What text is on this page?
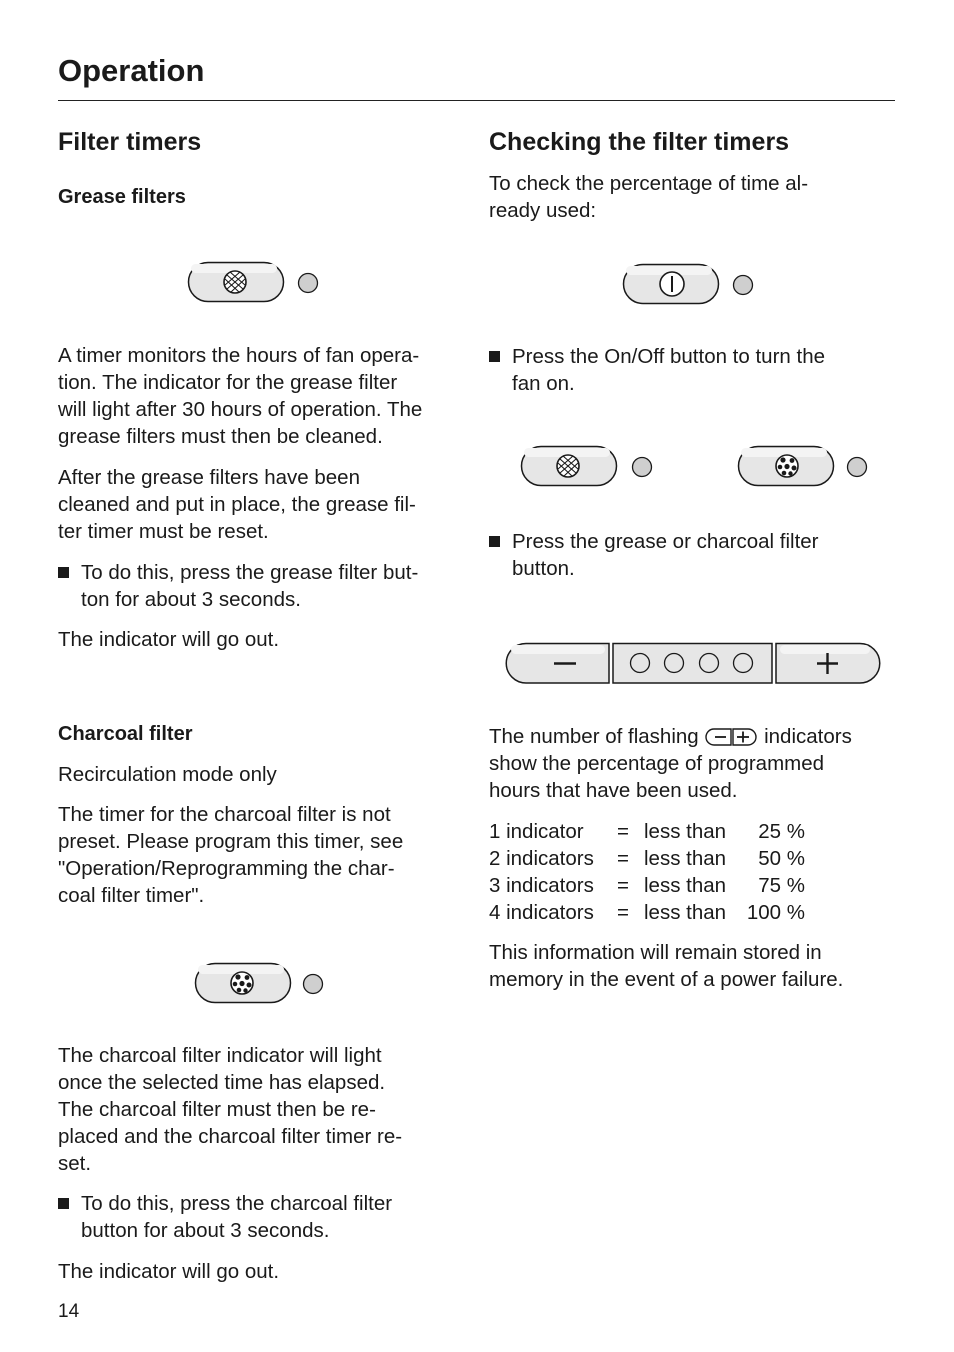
Operation
Filter timers
Grease filters

A timer monitors the hours of fan opera-
tion. The indicator for the grease filter
will light after 30 hours of operation. The
grease filters must then be cleaned.

After the grease filters have been
cleaned and put in place, the grease fil-
ter timer must be reset.

To do this, press the grease filter but-
ton for about 3 seconds.

The indicator will go out.

Charcoal filter

Recirculation mode only

The timer for the charcoal filter is not
preset. Please program this timer, see
"Operation/Reprogramming the char-
coal filter timer".

The charcoal filter indicator will light
once the selected time has elapsed.
The charcoal filter must then be re-
placed and the charcoal filter timer re-
set.

To do this, press the charcoal filter
button for about 3 seconds.

The indicator will go out.

14
Checking the filter timers

To check the percentage of time al-
ready used:

Press the On/Off button to turn the
fan on.
Press the grease or charcoal filter
button.

The number of flashing	indicators
show the percentage of programmed
hours that have been used.

1 indicator = less than 25 %
2 indicators = less than 50 %
3 indicators = less than 75 %
4 indicators = less than 100 %

This information will remain stored in
memory in the event of a power failure.
